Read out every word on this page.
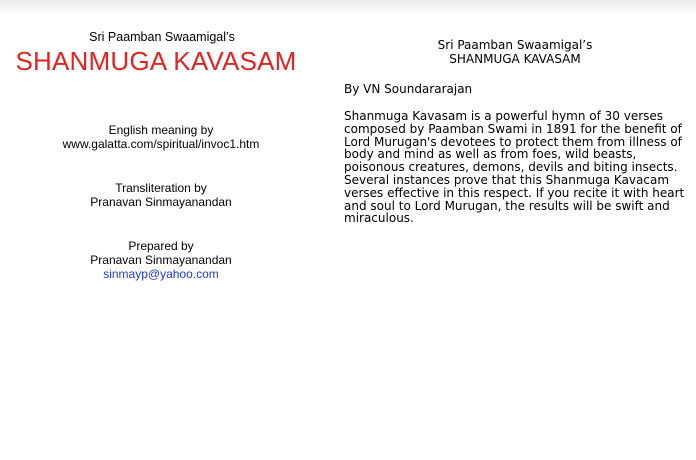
Sri Paamban Swaamigal’s
SHANMUGA KAVASAM
English meaning by
www.galatta.com/spiritual/invoc1.htm
Transliteration by
Pranavan Sinmayanandan
Prepared by
Pranavan Sinmayanandan
sinmayp@yahoo.com
Sri Paamban Swaamigal’s
SHANMUGA KAVASAM
By VN Soundararajan
Shanmuga Kavasam is a powerful hymn of 30 verses
composed by Paamban Swami in 1891 for the benefit of
Lord Murugan's devotees to protect them from illness of
body and mind as well as from foes, wild beasts,
poisonous creatures, demons, devils and biting insects.
Several instances prove that this Shanmuga Kavacam
verses effective in this respect. If you recite it with heart
and soul to Lord Murugan, the results will be swift and
miraculous.
